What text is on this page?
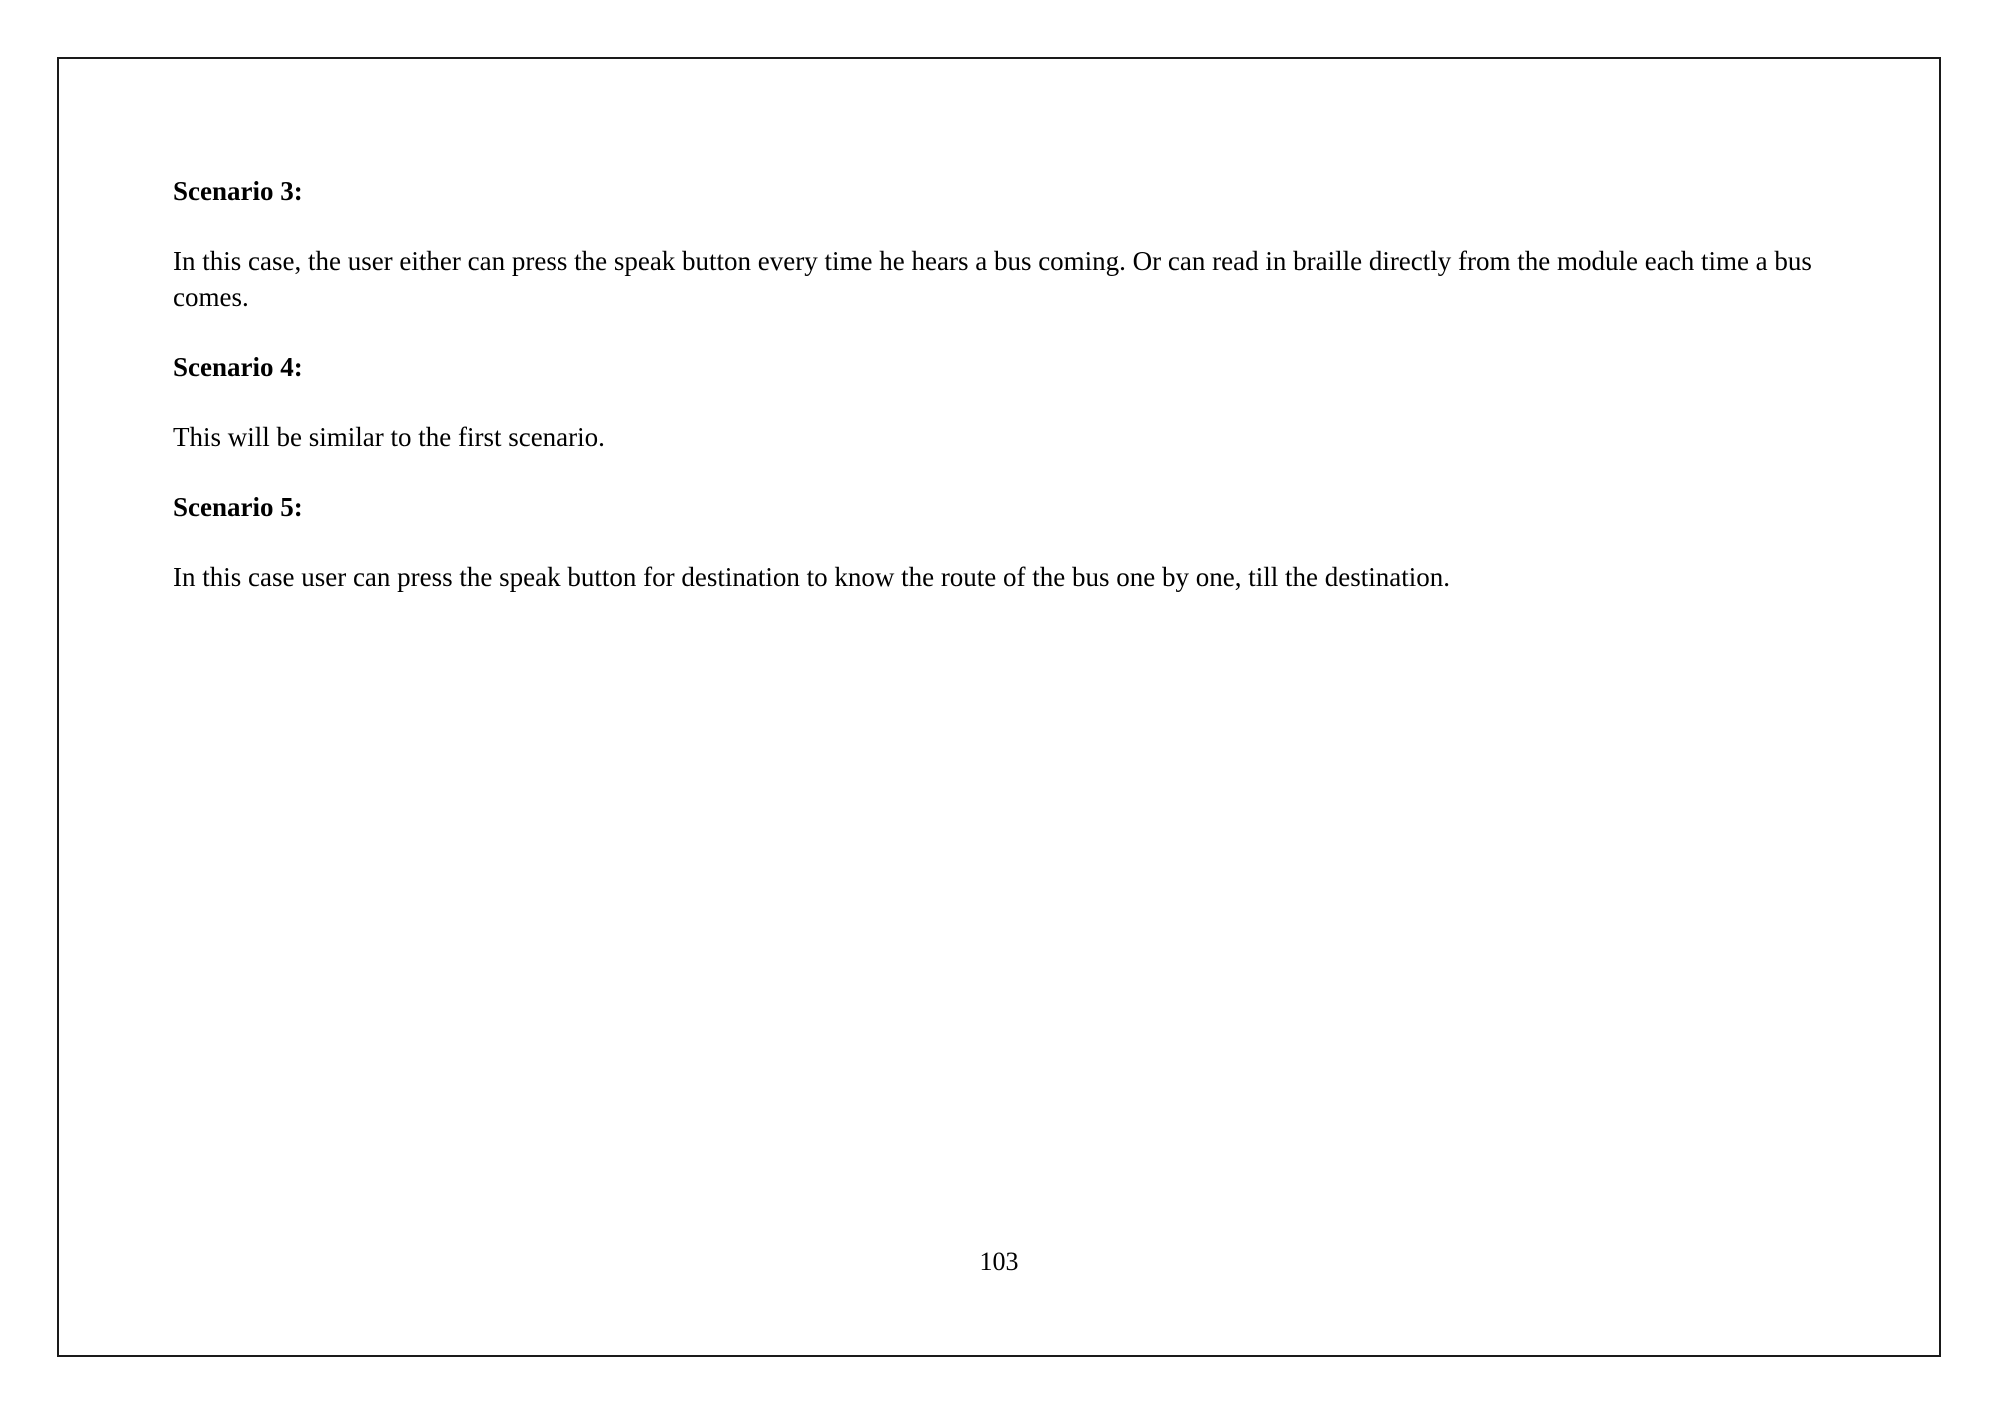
Scenario 3:

In this case, the user either can press the speak button every time he hears a bus coming. Or can read in braille directly from the module each time a bus comes.

Scenario 4:

This will be similar to the first scenario.

Scenario 5:

In this case user can press the speak button for destination to know the route of the bus one by one, till the destination.

103
